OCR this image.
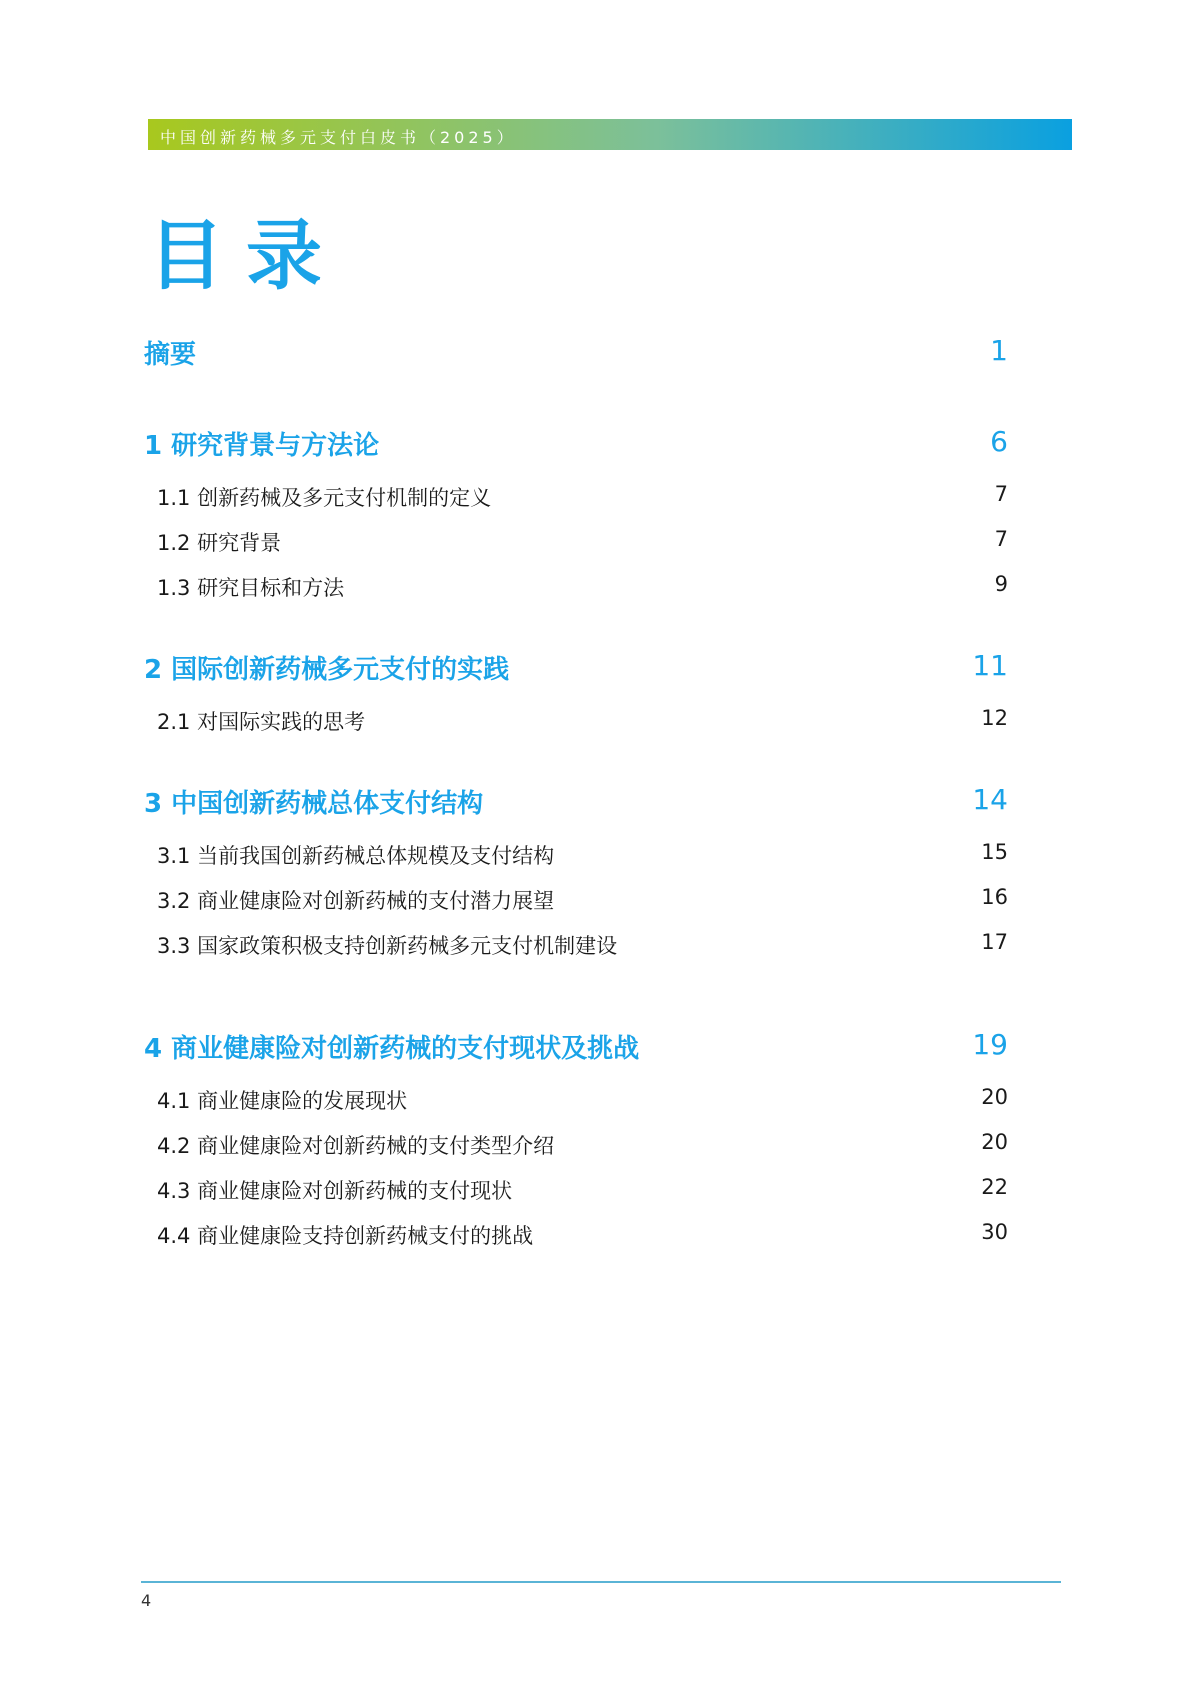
中国创新药械多元支付白皮书（2025）
目录
摘要	1
1 研究背景与方法论	6
1.1 创新药械及多元支付机制的定义	7
1.2 研究背景	7
1.3 研究目标和方法	9
2 国际创新药械多元支付的实践	11
2.1 对国际实践的思考	12
3 中国创新药械总体支付结构	14
3.1 当前我国创新药械总体规模及支付结构	15
3.2 商业健康险对创新药械的支付潜力展望	16
3.3 国家政策积极支持创新药械多元支付机制建设	17
4 商业健康险对创新药械的支付现状及挑战	19
4.1 商业健康险的发展现状	20
4.2 商业健康险对创新药械的支付类型介绍	20
4.3 商业健康险对创新药械的支付现状	22
4.4 商业健康险支持创新药械支付的挑战	30
4
